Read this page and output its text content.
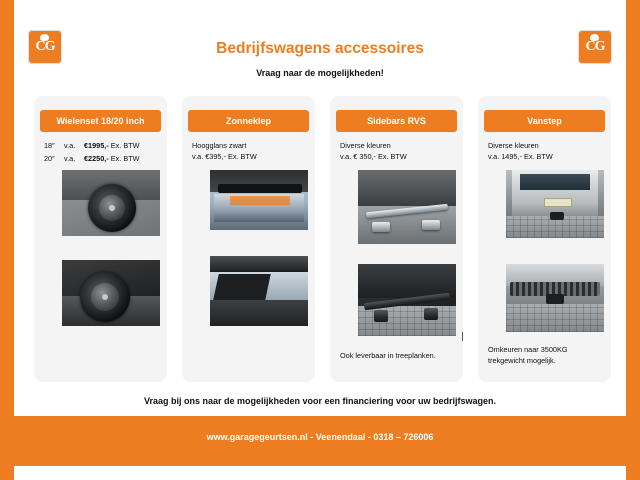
CG	CG
Bedrijfswagens accessoires
Vraag naar de mogelijkheden!
Wielenset 18/20 inch
18″	v.a.	€1995,- Ex. BTW
20″	v.a.	€2250,- Ex. BTW
Zonneklep
Hoogglans zwart
v.a. €395,- Ex. BTW
Sidebars RVS
Diverse kleuren
v.a. € 350,- Ex. BTW
Ook leverbaar in treeplanken.
Vanstep
Diverse kleuren
v.a. 1495,- Ex. BTW
Omkeuren naar 3500KG trekgewicht mogelijk.
Vraag bij ons naar de mogelijkheden voor een financiering voor uw bedrijfswagen.
www.garagegeurtsen.nl - Veenendaal - 0318 – 726006
